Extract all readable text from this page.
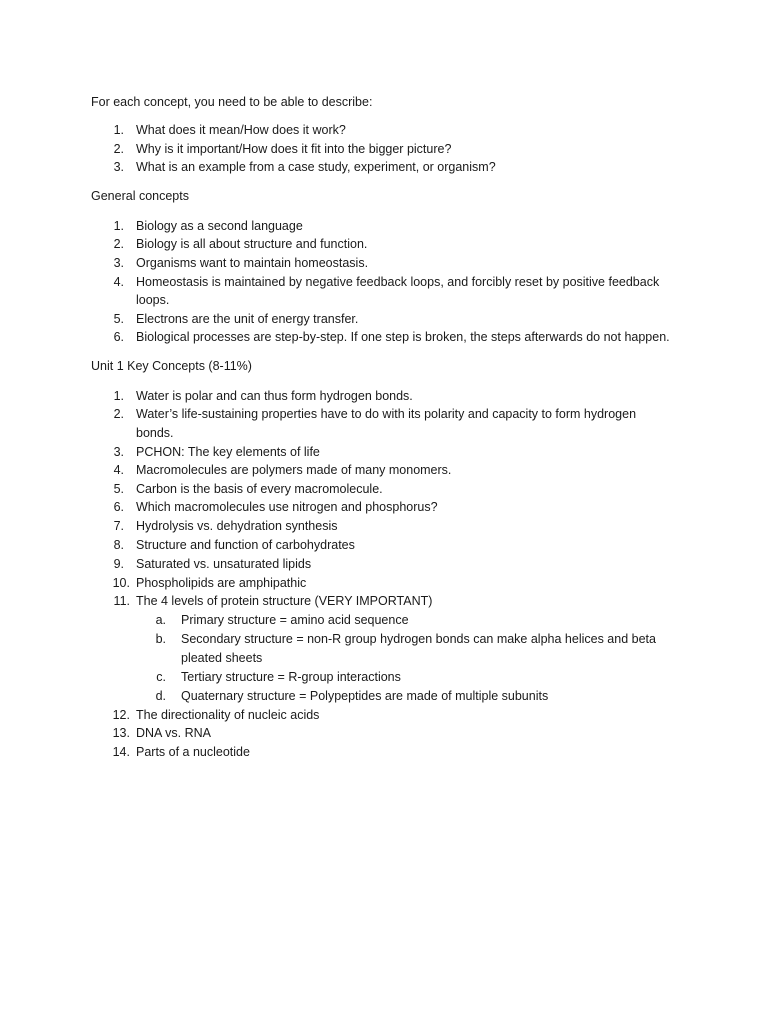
For each concept, you need to be able to describe:
1. What does it mean/How does it work?
2. Why is it important/How does it fit into the bigger picture?
3. What is an example from a case study, experiment, or organism?
General concepts
1. Biology as a second language
2. Biology is all about structure and function.
3. Organisms want to maintain homeostasis.
4. Homeostasis is maintained by negative feedback loops, and forcibly reset by positive feedback
loops.
5. Electrons are the unit of energy transfer.
6. Biological processes are step-by-step. If one step is broken, the steps afterwards do not happen.
Unit 1 Key Concepts (8-11%)
1. Water is polar and can thus form hydrogen bonds.
2. Water’s life-sustaining properties have to do with its polarity and capacity to form hydrogen
bonds.
3. PCHON: The key elements of life
4. Macromolecules are polymers made of many monomers.
5. Carbon is the basis of every macromolecule.
6. Which macromolecules use nitrogen and phosphorus?
7. Hydrolysis vs. dehydration synthesis
8. Structure and function of carbohydrates
9. Saturated vs. unsaturated lipids
10. Phospholipids are amphipathic
11. The 4 levels of protein structure (VERY IMPORTANT)
a. Primary structure = amino acid sequence
b. Secondary structure = non-R group hydrogen bonds can make alpha helices and beta
pleated sheets
c. Tertiary structure = R-group interactions
d. Quaternary structure = Polypeptides are made of multiple subunits
12. The directionality of nucleic acids
13. DNA vs. RNA
14. Parts of a nucleotide
